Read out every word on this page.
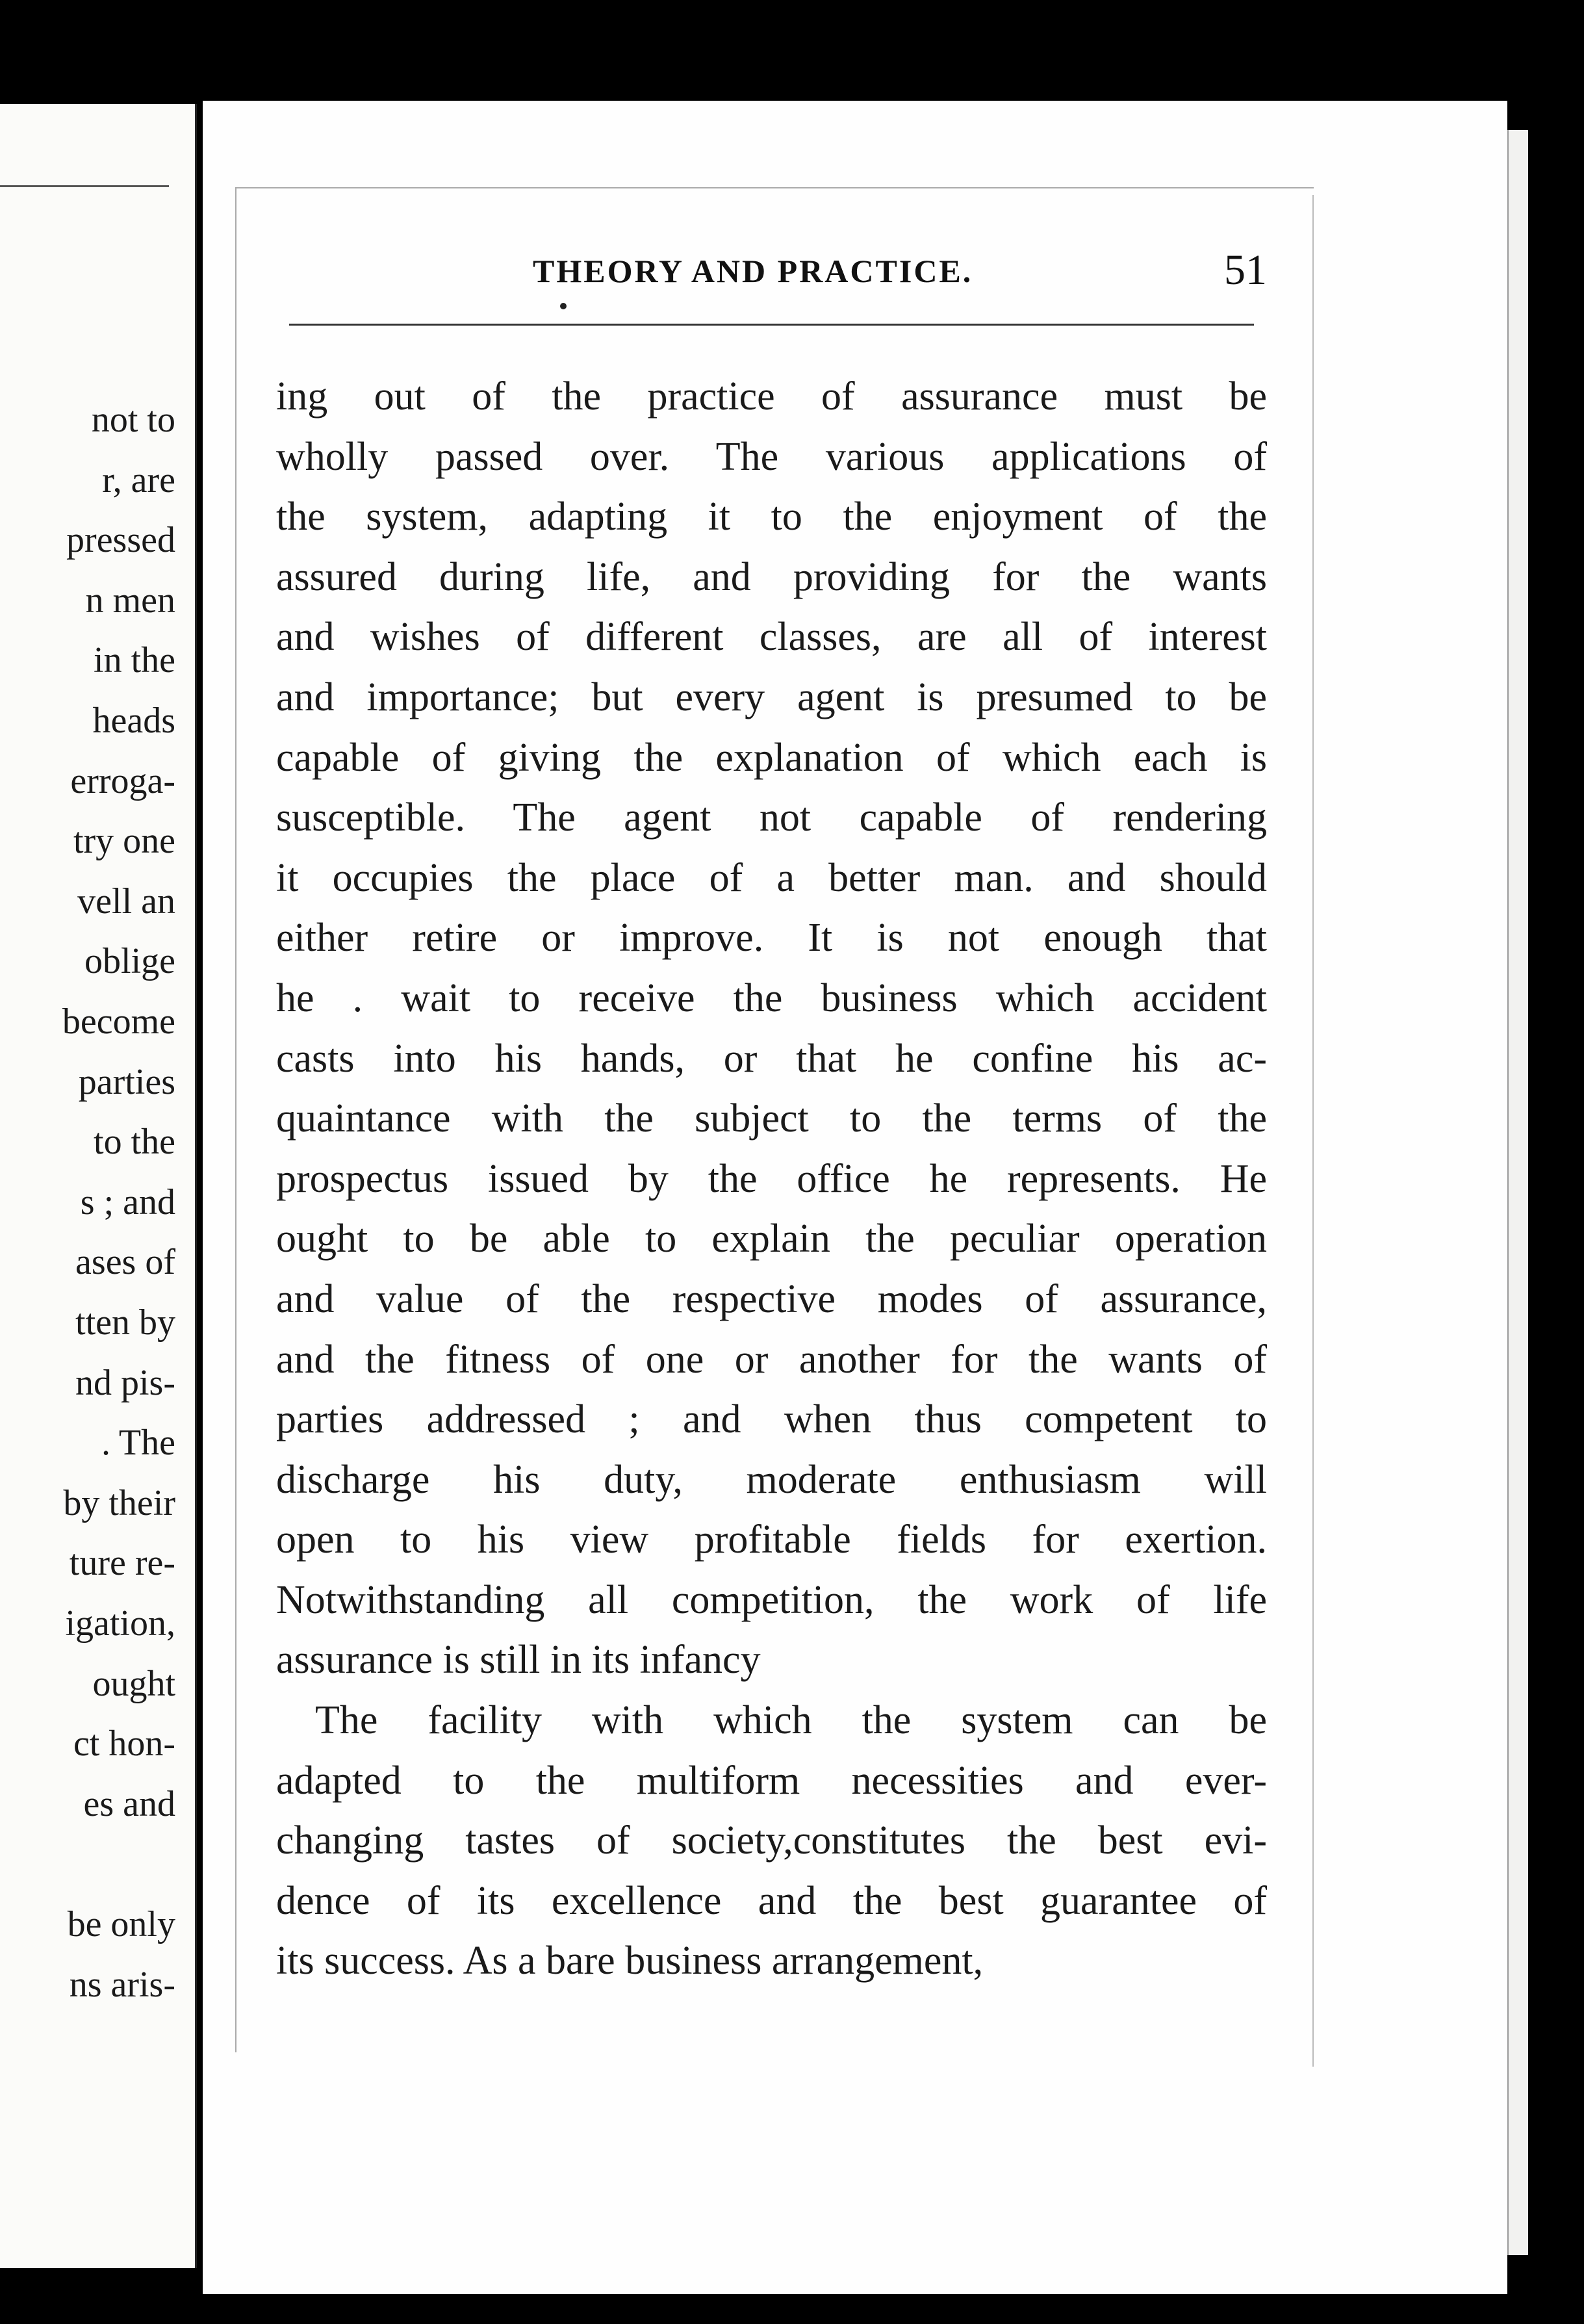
not to
r, are
pressed
n men
in the
heads
erroga-
try one
vell an
oblige
become
parties
to the
s ; and
ases of
tten by
nd pis-
. The
by their
ture re-
igation,
ought
ct hon-
es and
be only
ns aris-
THEORY AND PRACTICE.	51
ing out of the practice of assurance must be
wholly passed over. The various applications of
the system, adapting it to the enjoyment of the
assured during life, and providing for the wants
and wishes of different classes, are all of interest
and importance; but every agent is presumed to be
capable of giving the explanation of which each is
susceptible. The agent not capable of rendering
it occupies the place of a better man. and should
either retire or improve. It is not enough that
he . wait to receive the business which accident
casts into his hands, or that he confine his ac-
quaintance with the subject to the terms of the
prospectus issued by the office he represents. He
ought to be able to explain the peculiar operation
and value of the respective modes of assurance,
and the fitness of one or another for the wants of
parties addressed ; and when thus competent to
discharge his duty, moderate enthusiasm will
open to his view profitable fields for exertion.
Notwithstanding all competition, the work of life
assurance is still in its infancy
The facility with which the system can be
adapted to the multiform necessities and ever-
changing tastes of society,constitutes the best evi-
dence of its excellence and the best guarantee of
its success. As a bare business arrangement,
